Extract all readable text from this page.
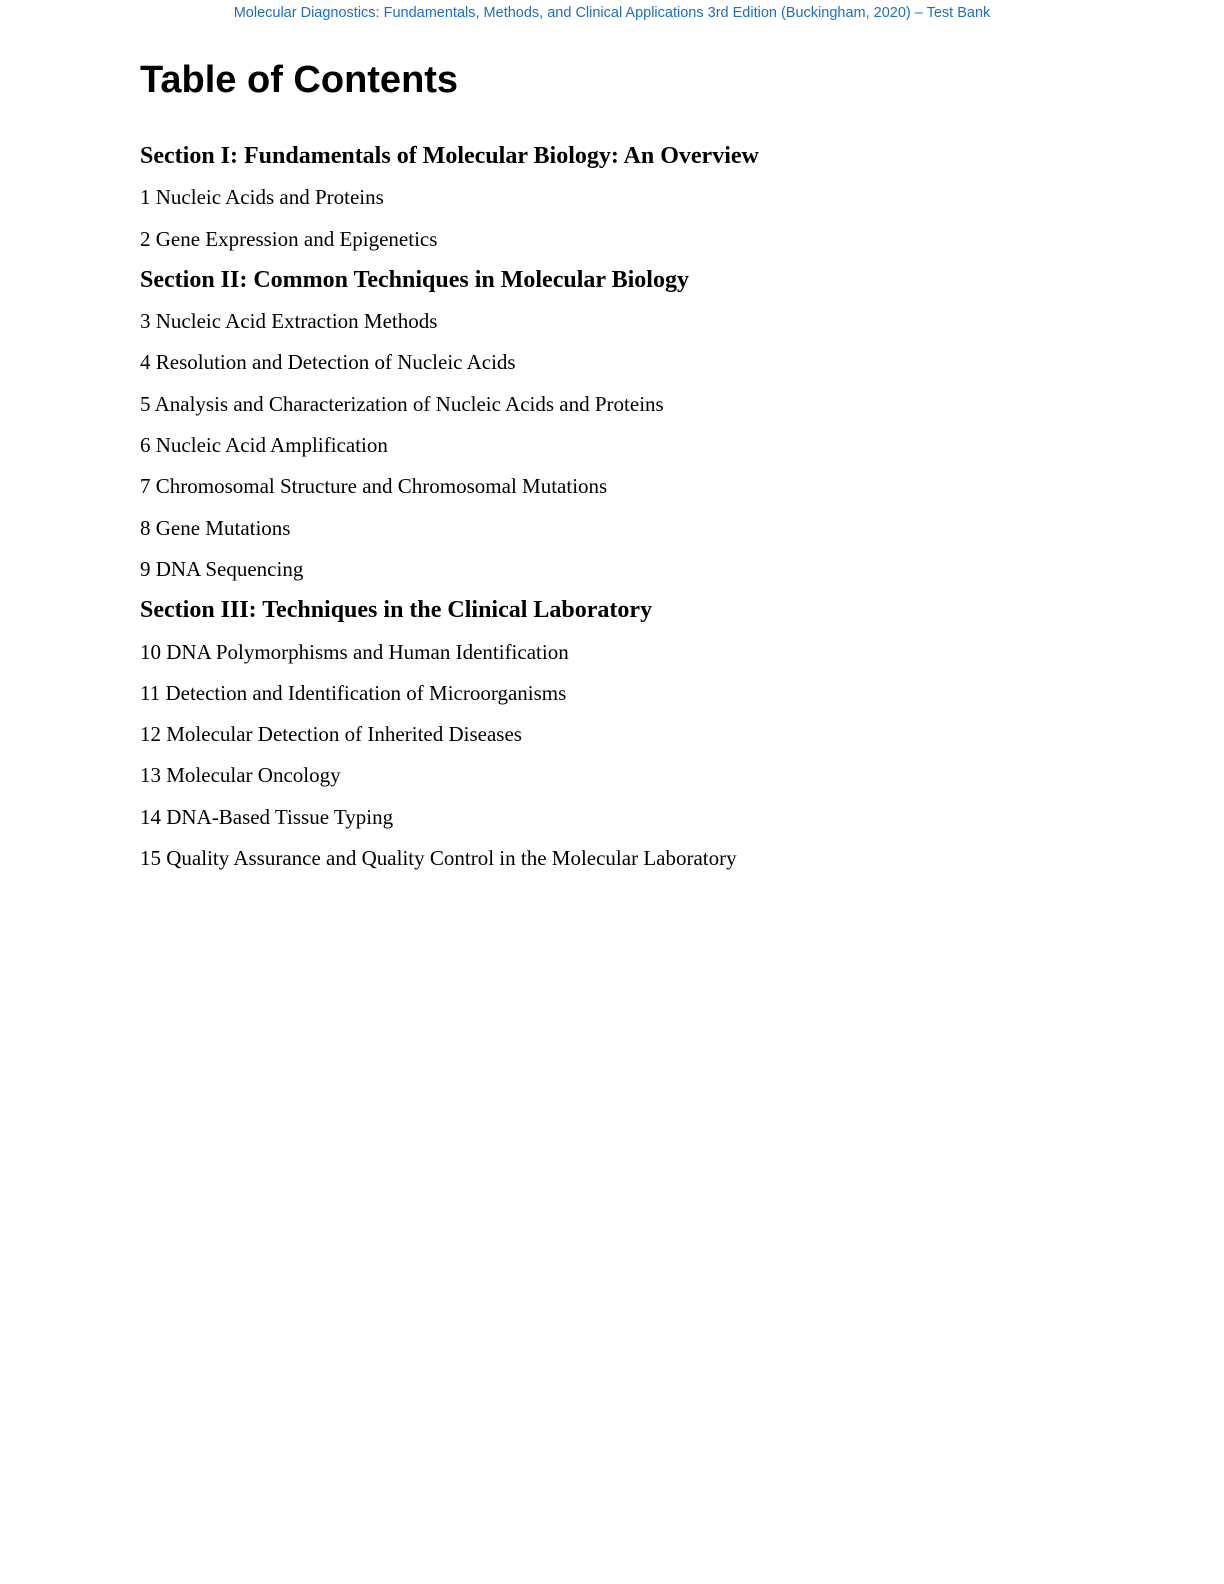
Molecular Diagnostics: Fundamentals, Methods, and Clinical Applications 3rd Edition (Buckingham, 2020) – Test Bank
Table of Contents
Section I: Fundamentals of Molecular Biology: An Overview
1 Nucleic Acids and Proteins
2 Gene Expression and Epigenetics
Section II: Common Techniques in Molecular Biology
3 Nucleic Acid Extraction Methods
4 Resolution and Detection of Nucleic Acids
5 Analysis and Characterization of Nucleic Acids and Proteins
6 Nucleic Acid Amplification
7 Chromosomal Structure and Chromosomal Mutations
8 Gene Mutations
9 DNA Sequencing
Section III: Techniques in the Clinical Laboratory
10 DNA Polymorphisms and Human Identification
11 Detection and Identification of Microorganisms
12 Molecular Detection of Inherited Diseases
13 Molecular Oncology
14 DNA-Based Tissue Typing
15 Quality Assurance and Quality Control in the Molecular Laboratory
